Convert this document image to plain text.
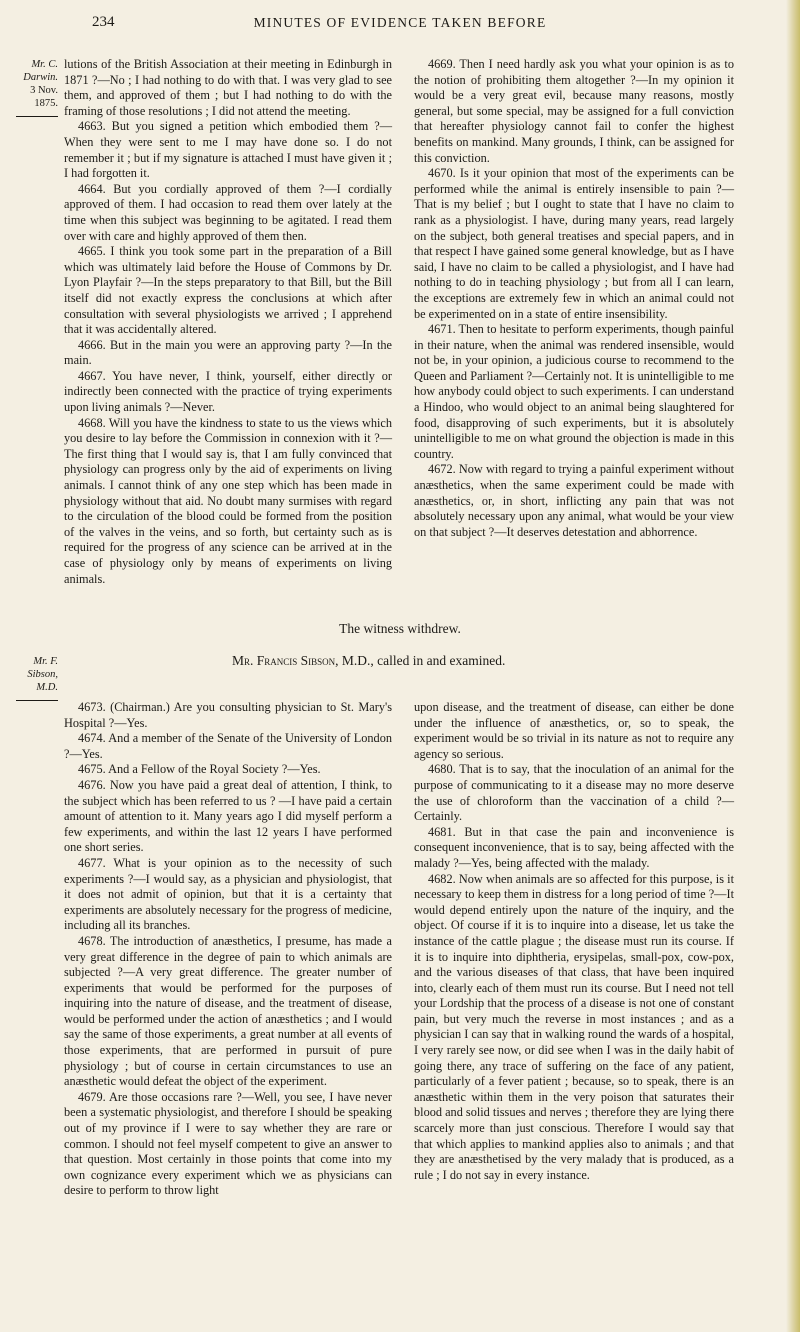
234	MINUTES OF EVIDENCE TAKEN BEFORE
Mr. C. Darwin.
3 Nov. 1875.

lutions of the British Association at their meeting in Edinburgh in 1871 ?—No ; I had nothing to do with that. I was very glad to see them, and approved of them ; but I had nothing to do with the framing of those resolutions ; I did not attend the meeting.

4663. But you signed a petition which embodied them ?—When they were sent to me I may have done so. I do not remember it ; but if my signature is attached I must have given it ; I had forgotten it.

4664. But you cordially approved of them ?—I cordially approved of them. I had occasion to read them over lately at the time when this subject was beginning to be agitated. I read them over with care and highly approved of them then.

4665. I think you took some part in the preparation of a Bill which was ultimately laid before the House of Commons by Dr. Lyon Playfair ?—In the steps preparatory to that Bill, but the Bill itself did not exactly express the conclusions at which after consultation with several physiologists we arrived ; I apprehend that it was accidentally altered.

4666. But in the main you were an approving party ?—In the main.

4667. You have never, I think, yourself, either directly or indirectly been connected with the practice of trying experiments upon living animals ?—Never.

4668. Will you have the kindness to state to us the views which you desire to lay before the Commission in connexion with it ?—The first thing that I would say is, that I am fully convinced that physiology can progress only by the aid of experiments on living animals. I cannot think of any one step which has been made in physiology without that aid. No doubt many surmises with regard to the circulation of the blood could be formed from the position of the valves in the veins, and so forth, but certainty such as is required for the progress of any science can be arrived at in the case of physiology only by means of experiments on living animals.

4669. Then I need hardly ask you what your opinion is as to the notion of prohibiting them altogether ?—In my opinion it would be a very great evil, because many reasons, mostly general, but some special, may be assigned for a full conviction that hereafter physiology cannot fail to confer the highest benefits on mankind. Many grounds, I think, can be assigned for this conviction.

4670. Is it your opinion that most of the experiments can be performed while the animal is entirely insensible to pain ?—That is my belief ; but I ought to state that I have no claim to rank as a physiologist. I have, during many years, read largely on the subject, both general treatises and special papers, and in that respect I have gained some general knowledge, but as I have said, I have no claim to be called a physiologist, and I have had nothing to do in teaching physiology ; but from all I can learn, the exceptions are extremely few in which an animal could not be experimented on in a state of entire insensibility.

4671. Then to hesitate to perform experiments, though painful in their nature, when the animal was rendered insensible, would not be, in your opinion, a judicious course to recommend to the Queen and Parliament ?—Certainly not. It is unintelligible to me how anybody could object to such experiments. I can understand a Hindoo, who would object to an animal being slaughtered for food, disapproving of such experiments, but it is absolutely unintelligible to me on what ground the objection is made in this country.

4672. Now with regard to trying a painful experiment without anæsthetics, when the same experiment could be made with anæsthetics, or, in short, inflicting any pain that was not absolutely necessary upon any animal, what would be your view on that subject ?—It deserves detestation and abhorrence.

The witness withdrew.
Mr. F. Sibson, M.D.
Mr. Francis Sibson, M.D., called in and examined.

4673. (Chairman.) Are you consulting physician to St. Mary's Hospital ?—Yes.

4674. And a member of the Senate of the University of London ?—Yes.

4675. And a Fellow of the Royal Society ?—Yes.

4676. Now you have paid a great deal of attention, I think, to the subject which has been referred to us ? —I have paid a certain amount of attention to it. Many years ago I did myself perform a few experiments, and within the last 12 years I have performed one short series.

4677. What is your opinion as to the necessity of such experiments ?—I would say, as a physician and physiologist, that it does not admit of opinion, but that it is a certainty that experiments are absolutely necessary for the progress of medicine, including all its branches.

4678. The introduction of anæsthetics, I presume, has made a very great difference in the degree of pain to which animals are subjected ?—A very great difference. The greater number of experiments that would be performed for the purposes of inquiring into the nature of disease, and the treatment of disease, would be performed under the action of anæsthetics ; and I would say the same of those experiments, a great number at all events of those experiments, that are performed in pursuit of pure physiology ; but of course in certain circumstances to use an anæsthetic would defeat the object of the experiment.

4679. Are those occasions rare ?—Well, you see, I have never been a systematic physiologist, and therefore I should be speaking out of my province if I were to say whether they are rare or common. I should not feel myself competent to give an answer to that question. Most certainly in those points that come into my own cognizance every experiment which we as physicians can desire to perform to throw light

upon disease, and the treatment of disease, can either be done under the influence of anæsthetics, or, so to speak, the experiment would be so trivial in its nature as not to require any agency so serious.

4680. That is to say, that the inoculation of an animal for the purpose of communicating to it a disease may no more deserve the use of chloroform than the vaccination of a child ?—Certainly.

4681. But in that case the pain and inconvenience is consequent inconvenience, that is to say, being affected with the malady ?—Yes, being affected with the malady.

4682. Now when animals are so affected for this purpose, is it necessary to keep them in distress for a long period of time ?—It would depend entirely upon the nature of the inquiry, and the object. Of course if it is to inquire into a disease, let us take the instance of the cattle plague ; the disease must run its course. If it is to inquire into diphtheria, erysipelas, small-pox, cow-pox, and the various diseases of that class, that have been inquired into, clearly each of them must run its course. But I need not tell your Lordship that the process of a disease is not one of constant pain, but very much the reverse in most instances ; and as a physician I can say that in walking round the wards of a hospital, I very rarely see now, or did see when I was in the daily habit of going there, any trace of suffering on the face of any patient, particularly of a fever patient ; because, so to speak, there is an anæsthetic within them in the very poison that saturates their blood and solid tissues and nerves ; therefore they are lying there scarcely more than just conscious. Therefore I would say that that which applies to mankind applies also to animals ; and that they are anæsthetised by the very malady that is produced, as a rule ; I do not say in every instance.
